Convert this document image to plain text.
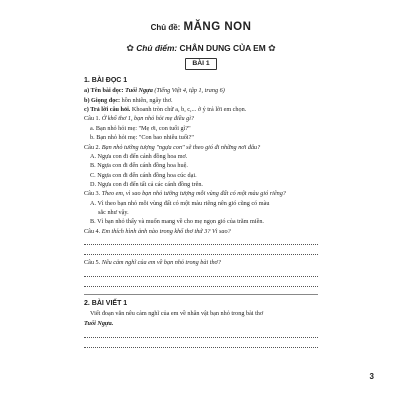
Chủ đề: MĂNG NON
✿ Chủ điểm: CHÂN DUNG CỦA EM ✿
BÀI 1
1. BÀI ĐỌC 1
a) Tên bài đọc: Tuổi Ngựa (Tiếng Việt 4, tập 1, trang 6)
b) Giọng đọc: hồn nhiên, ngây thơ.
c) Trả lời câu hỏi. Khoanh tròn chữ a, b, c,... ở ý trả lời em chọn.
Câu 1. Ở khổ thơ 1, bạn nhỏ hỏi mẹ điều gì?
a. Bạn nhỏ hỏi mẹ: "Mẹ ơi, con tuổi gì?"
b. Bạn nhỏ hỏi mẹ: "Con bao nhiêu tuổi?"
Câu 2. Bạn nhỏ tưởng tượng "ngựa con" sẽ theo gió đi những nơi đâu?
A. Ngựa con đi đến cánh đồng hoa mơ.
B. Ngựa con đi đến cánh đồng hoa huệ.
C. Ngựa con đi đến cánh đồng hoa cúc dại.
D. Ngựa con đi đến tất cả các cánh đồng trên.
Câu 3. Theo em, vì sao bạn nhỏ tưởng tượng mỗi vùng đất có một màu gió riêng?
A. Vì theo bạn nhỏ mỗi vùng đất có một màu riêng nên gió cũng có màu
sắc như vậy.
B. Vì bạn nhỏ thấy và muốn mang về cho mẹ ngọn gió của trăm miền.
Câu 4. Em thích hình ảnh nào trong khổ thơ thứ 3? Vì sao?
Câu 5. Nêu cảm nghĩ của em về bạn nhỏ trong bài thơ?
2. BÀI VIẾT 1
Viết đoạn văn nêu cảm nghĩ của em về nhân vật bạn nhỏ trong bài thơ
Tuổi Ngựa.
3
